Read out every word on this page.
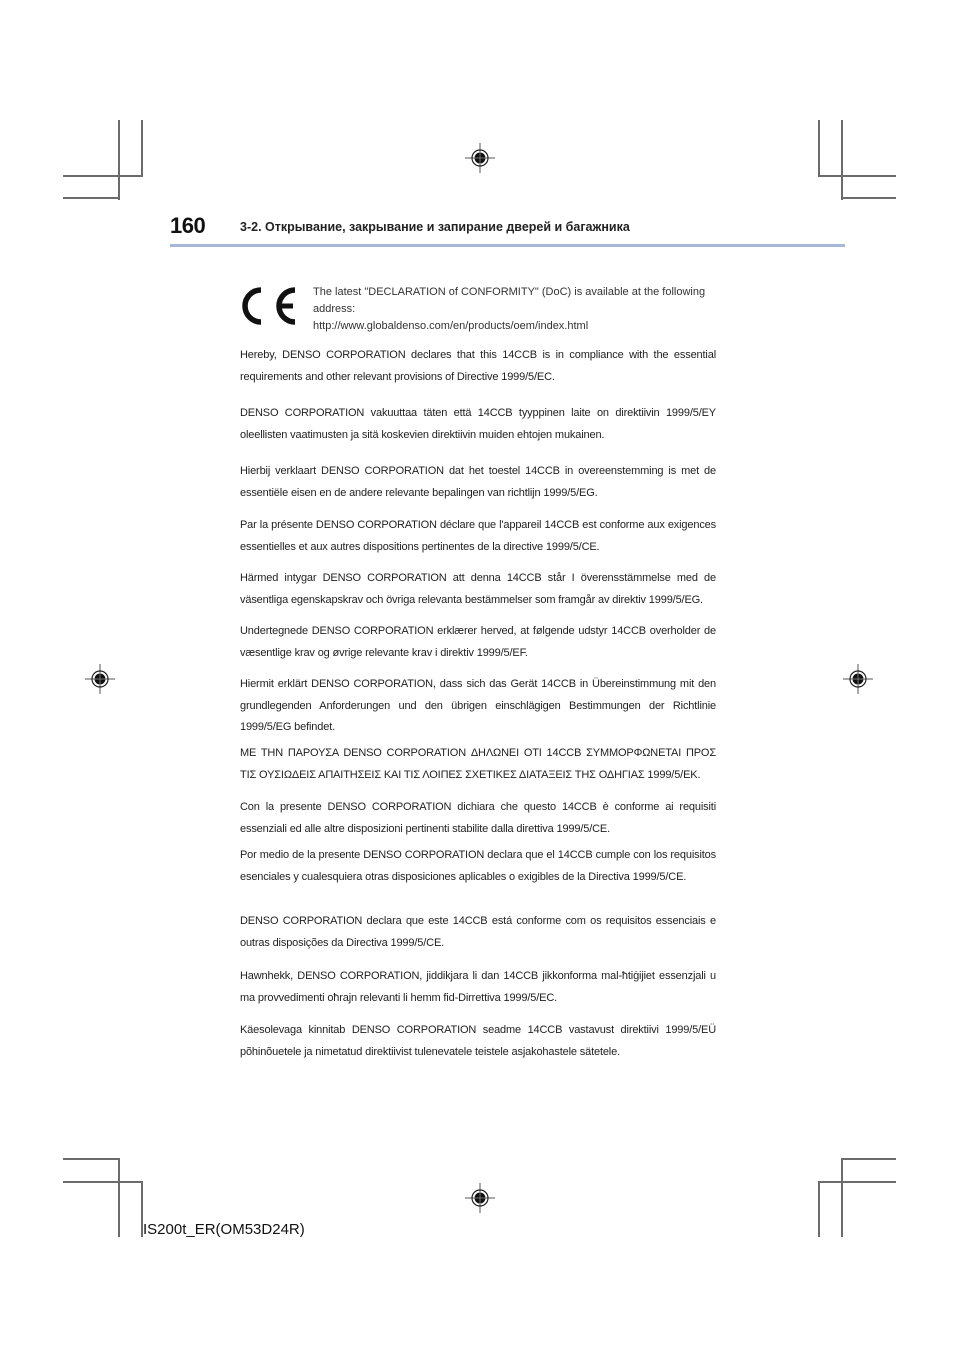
160	3-2. Открывание, закрывание и запирание дверей и багажника
The latest "DECLARATION of CONFORMITY" (DoC) is available at the following
address:
http://www.globaldenso.com/en/products/oem/index.html

Hereby, DENSO CORPORATION declares that this 14CCB is in compliance with the essential requirements and other relevant provisions of Directive 1999/5/EC.

DENSO CORPORATION vakuuttaa täten että 14CCB tyyppinen laite on direktiivin 1999/5/EY oleellisten vaatimusten ja sitä koskevien direktiivin muiden ehtojen mukainen.

Hierbij verklaart DENSO CORPORATION dat het toestel 14CCB in overeenstemming is met de essentiële eisen en de andere relevante bepalingen van richtlijn 1999/5/EG.

Par la présente DENSO CORPORATION déclare que l'appareil 14CCB est conforme aux exigences essentielles et aux autres dispositions pertinentes de la directive 1999/5/CE.

Härmed intygar DENSO CORPORATION att denna 14CCB står I överensstämmelse med de väsentliga egenskapskrav och övriga relevanta bestämmelser som framgår av direktiv 1999/5/EG.

Undertegnede DENSO CORPORATION erklærer herved, at følgende udstyr 14CCB overholder de væsentlige krav og øvrige relevante krav i direktiv 1999/5/EF.

Hiermit erklärt DENSO CORPORATION, dass sich das Gerät 14CCB in Übereinstimmung mit den grundlegenden Anforderungen und den übrigen einschlägigen Bestimmungen der Richtlinie 1999/5/EG befindet.

ΜΕ ΤΗΝ ΠΑΡΟΥΣΑ DENSO CORPORATION ΔΗΛΩΝΕΙ ΟΤΙ 14CCB ΣΥΜΜΟΡΦΩΝΕΤΑΙ ΠΡΟΣ ΤΙΣ ΟΥΣΙΩΔΕΙΣ ΑΠΑΙΤΗΣΕΙΣ ΚΑΙ ΤΙΣ ΛΟΙΠΕΣ ΣΧΕΤΙΚΕΣ ΔΙΑΤΑΞΕΙΣ ΤΗΣ ΟΔΗΓΙΑΣ 1999/5/ΕΚ.

Con la presente DENSO CORPORATION dichiara che questo 14CCB è conforme ai requisiti essenziali ed alle altre disposizioni pertinenti stabilite dalla direttiva 1999/5/CE.

Por medio de la presente DENSO CORPORATION declara que el 14CCB cumple con los requisitos esenciales y cualesquiera otras disposiciones aplicables o exigibles de la Directiva 1999/5/CE.

DENSO CORPORATION declara que este 14CCB está conforme com os requisitos essenciais e outras disposições da Directiva 1999/5/CE.

Hawnhekk, DENSO CORPORATION, jiddikjara li dan 14CCB jikkonforma mal-ħtiġijiet essenzjali u ma provvedimenti oħrajn relevanti li hemm fid-Dirrettiva 1999/5/EC.

Käesolevaga kinnitab DENSO CORPORATION seadme 14CCB vastavust direktiivi 1999/5/EÜ põhinõuetele ja nimetatud direktiivist tulenevatele teistele asjakohastele sätetele.

IS200t_ER(OM53D24R)
